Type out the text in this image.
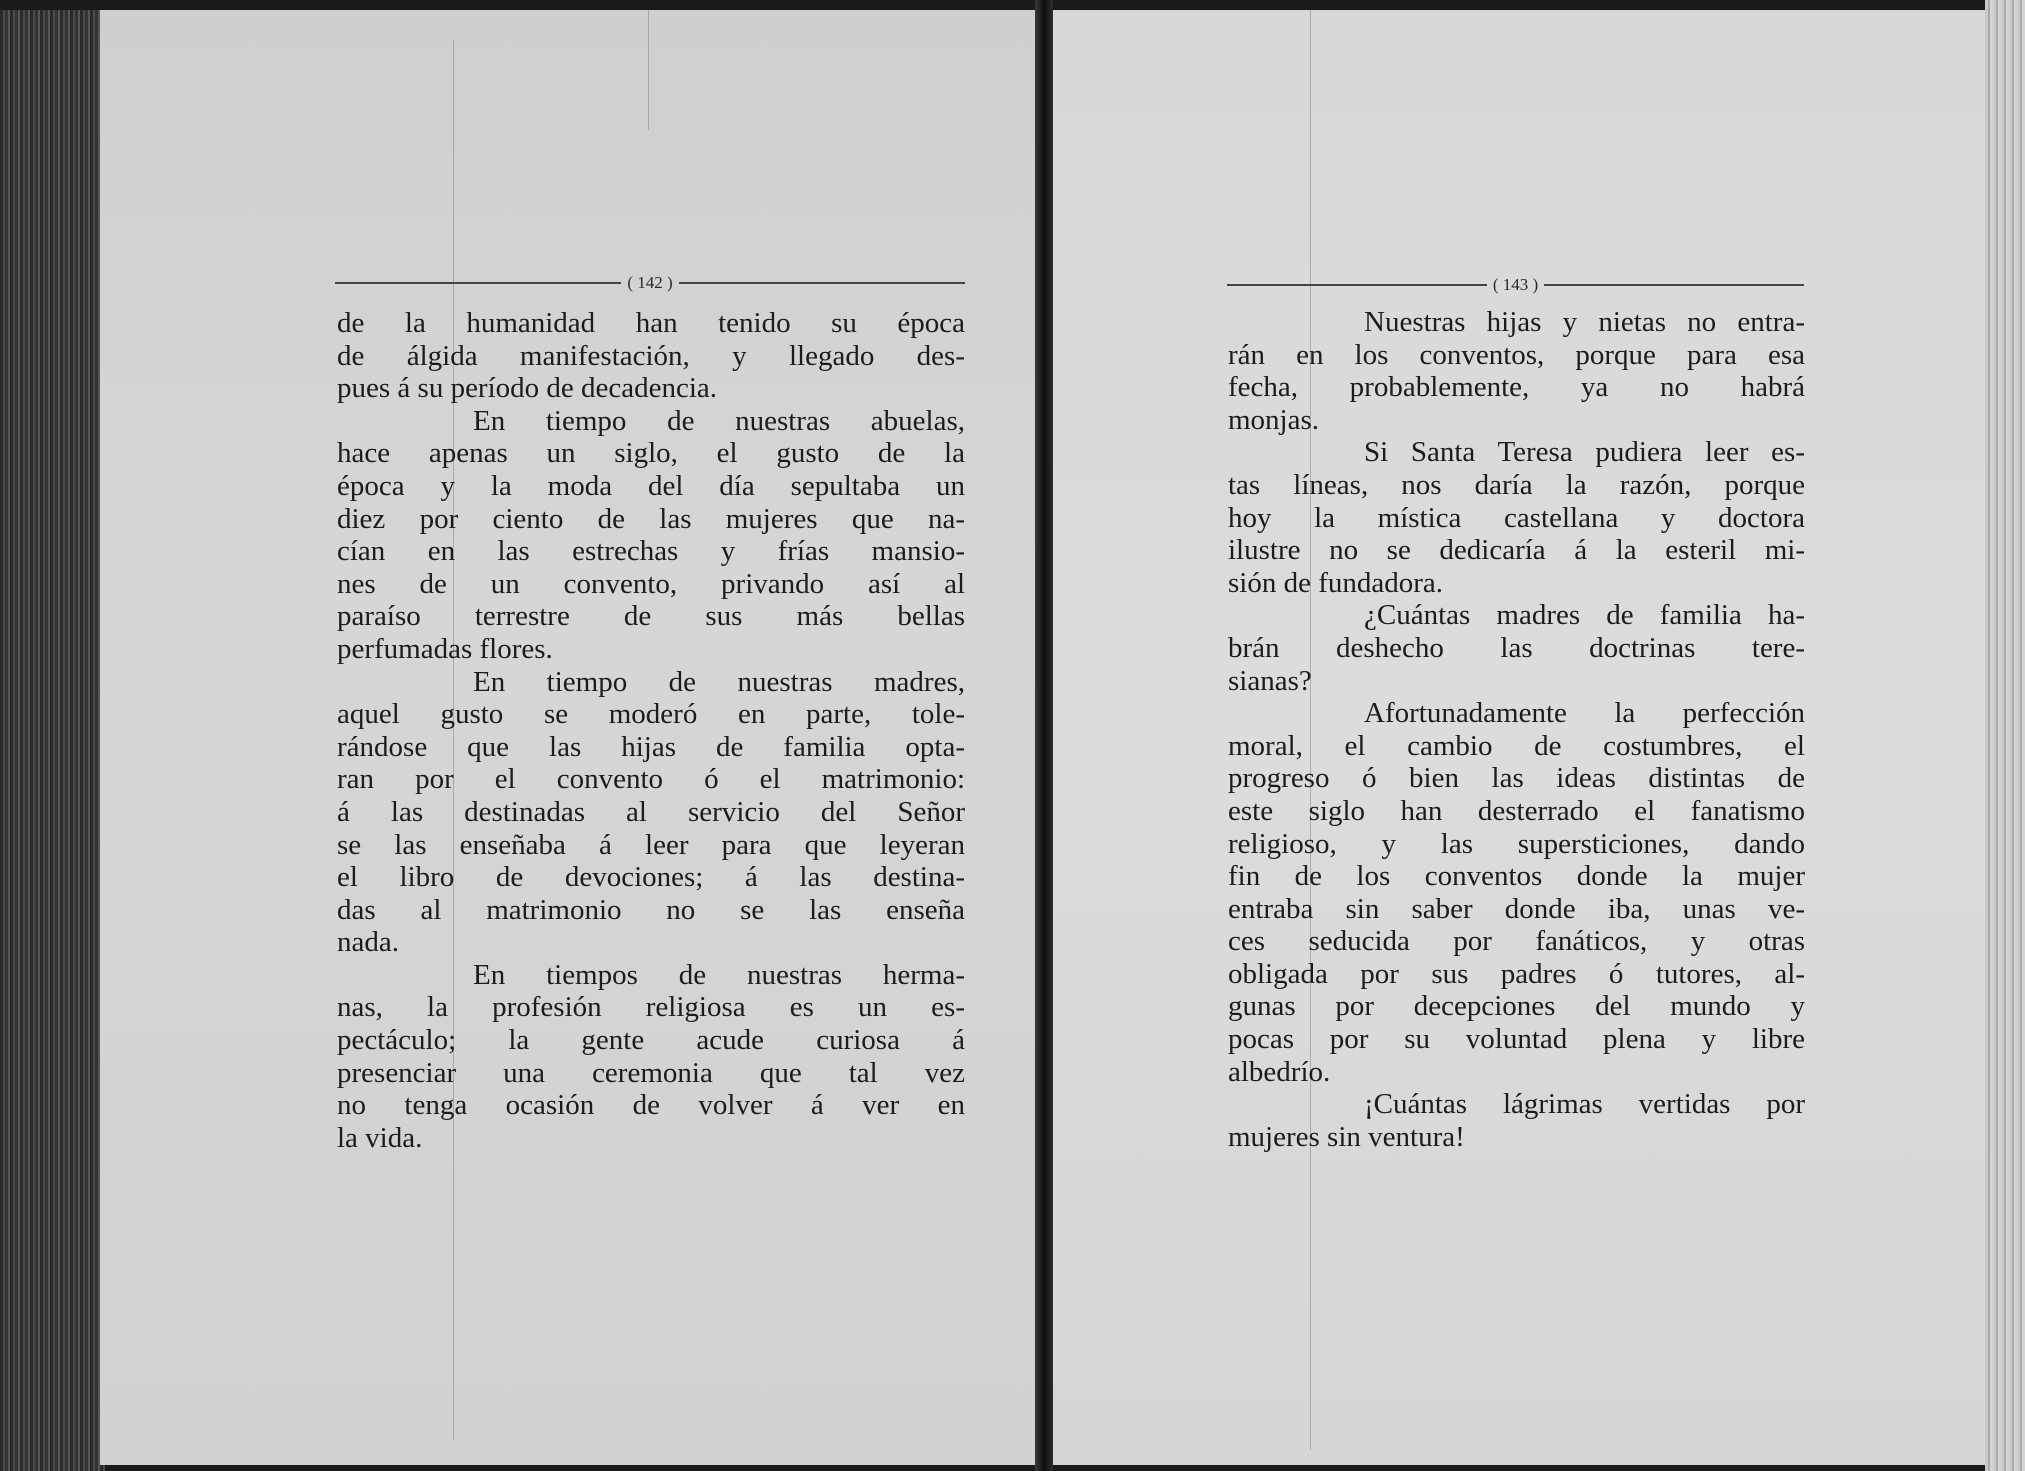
( 142 )
de la humanidad han tenido su época
de álgida manifestación, y llegado des-
pues á su período de decadencia.
En tiempo de nuestras abuelas,
hace apenas un siglo, el gusto de la
época y la moda del día sepultaba un
diez por ciento de las mujeres que na-
cían en las estrechas y frías mansio-
nes de un convento, privando así al
paraíso terrestre de sus más bellas
perfumadas flores.
En tiempo de nuestras madres,
aquel gusto se moderó en parte, tole-
rándose que las hijas de familia opta-
ran por el convento ó el matrimonio:
á las destinadas al servicio del Señor
se las enseñaba á leer para que leyeran
el libro de devociones; á las destina-
das al matrimonio no se las enseña
nada.
En tiempos de nuestras herma-
nas, la profesión religiosa es un es-
pectáculo; la gente acude curiosa á
presenciar una ceremonia que tal vez
no tenga ocasión de volver á ver en
la vida.
( 143 )
Nuestras hijas y nietas no entra-
rán en los conventos, porque para esa
fecha, probablemente, ya no habrá
monjas.
Si Santa Teresa pudiera leer es-
tas líneas, nos daría la razón, porque
hoy la mística castellana y doctora
ilustre no se dedicaría á la esteril mi-
sión de fundadora.
¿Cuántas madres de familia ha-
brán deshecho las doctrinas tere-
sianas?
Afortunadamente la perfección
moral, el cambio de costumbres, el
progreso ó bien las ideas distintas de
este siglo han desterrado el fanatismo
religioso, y las supersticiones, dando
fin de los conventos donde la mujer
entraba sin saber donde iba, unas ve-
ces seducida por fanáticos, y otras
obligada por sus padres ó tutores, al-
gunas por decepciones del mundo y
pocas por su voluntad plena y libre
albedrío.
¡Cuántas lágrimas vertidas por
mujeres sin ventura!
